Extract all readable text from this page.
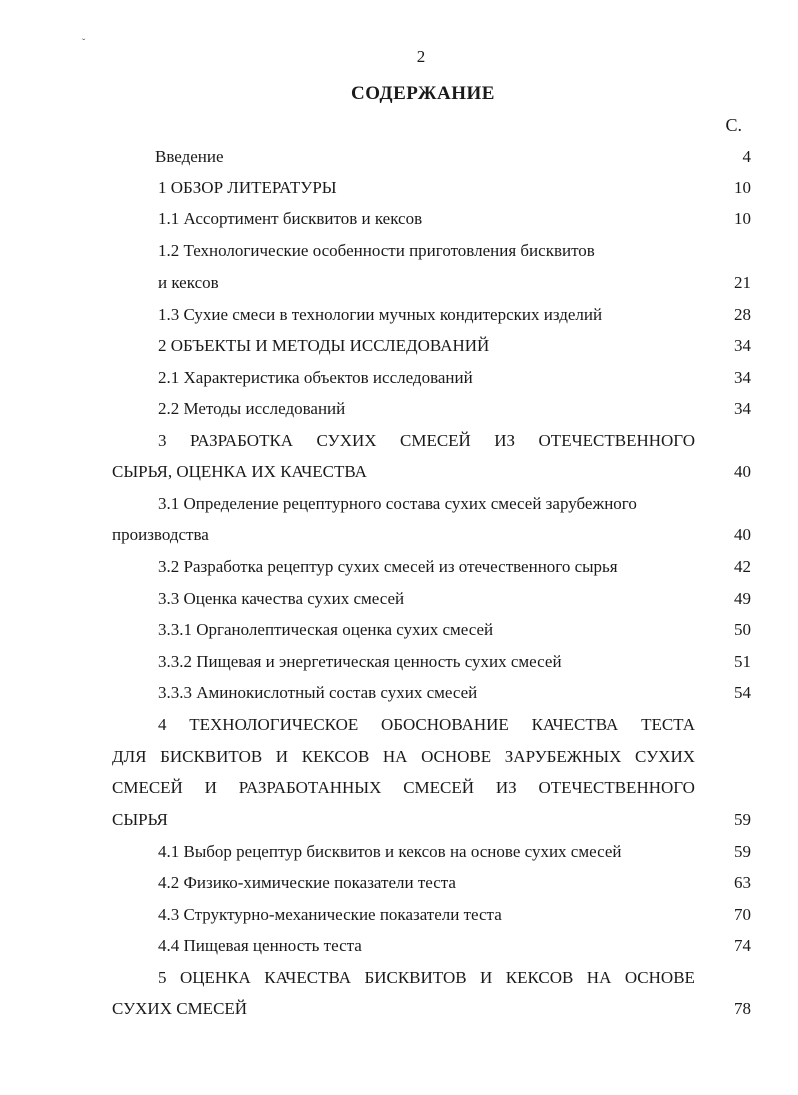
ˇ
2
СОДЕРЖАНИЕ
С.
Введение	4
1 ОБЗОР ЛИТЕРАТУРЫ	10
1.1 Ассортимент бисквитов и кексов	10
1.2 Технологические особенности приготовления бисквитов
и кексов	21
1.3 Сухие смеси в технологии мучных кондитерских изделий	28
2 ОБЪЕКТЫ И МЕТОДЫ ИССЛЕДОВАНИЙ	34
2.1 Характеристика объектов исследований	34
2.2 Методы исследований	34
3 РАЗРАБОТКА СУХИХ СМЕСЕЙ ИЗ ОТЕЧЕСТВЕННОГО
СЫРЬЯ, ОЦЕНКА ИХ КАЧЕСТВА	40
3.1 Определение рецептурного состава сухих смесей зарубежного
производства	40
3.2 Разработка рецептур сухих смесей из отечественного сырья	42
3.3 Оценка качества сухих смесей	49
3.3.1 Органолептическая оценка сухих смесей	50
3.3.2 Пищевая и энергетическая ценность сухих смесей	51
3.3.3 Аминокислотный состав сухих смесей	54
4 ТЕХНОЛОГИЧЕСКОЕ ОБОСНОВАНИЕ КАЧЕСТВА ТЕСТА
ДЛЯ БИСКВИТОВ И КЕКСОВ НА ОСНОВЕ ЗАРУБЕЖНЫХ СУХИХ
СМЕСЕЙ И РАЗРАБОТАННЫХ СМЕСЕЙ ИЗ ОТЕЧЕСТВЕННОГО
СЫРЬЯ	59
4.1 Выбор рецептур бисквитов и кексов на основе сухих смесей	59
4.2 Физико-химические показатели теста	63
4.3 Структурно-механические показатели теста	70
4.4 Пищевая ценность теста	74
5 ОЦЕНКА КАЧЕСТВА БИСКВИТОВ И КЕКСОВ НА ОСНОВЕ
СУХИХ СМЕСЕЙ	78
